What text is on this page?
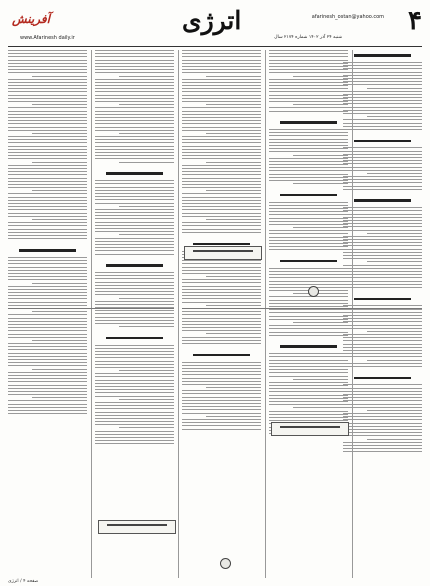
۴
اترژی	afarinesh_ostan@yahoo.com
شنبه ۲۴ آذر ۱۴۰۲ شماره ۲۱۷۴ سال
www.Afarinesh daily.ir
آفرینش
صفحه ۴ / اترژی
